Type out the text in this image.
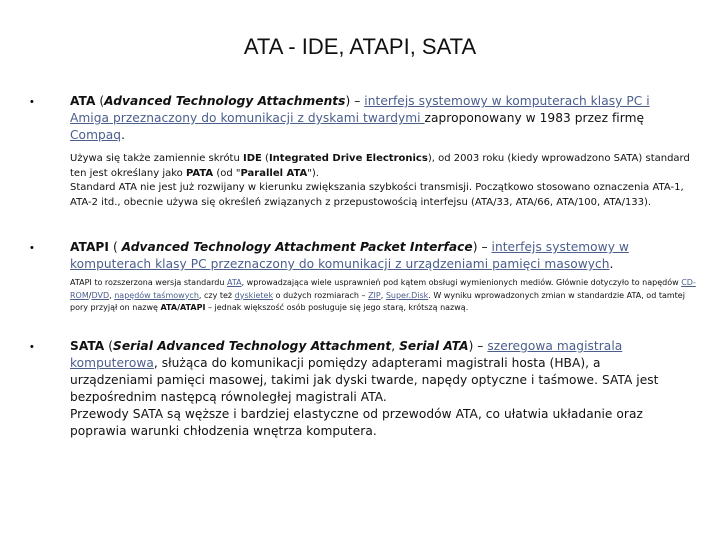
ATA - IDE, ATAPI, SATA
•	ATA (Advanced Technology Attachments) – interfejs systemowy w komputerach klasy PC i Amiga przeznaczony do komunikacji z dyskami twardymi zaproponowany w 1983 przez firmę Compaq.
Używa się także zamiennie skrótu IDE (Integrated Drive Electronics), od 2003 roku (kiedy wprowadzono SATA) standard ten jest określany jako PATA (od "Parallel ATA").
Standard ATA nie jest już rozwijany w kierunku zwiększania szybkości transmisji. Początkowo stosowano oznaczenia ATA-1, ATA-2 itd., obecnie używa się określeń związanych z przepustowością interfejsu (ATA/33, ATA/66, ATA/100, ATA/133).
•	ATAPI ( Advanced Technology Attachment Packet Interface) – interfejs systemowy w komputerach klasy PC przeznaczony do komunikacji z urządzeniami pamięci masowych.
ATAPI to rozszerzona wersja standardu ATA, wprowadzająca wiele usprawnień pod kątem obsługi wymienionych mediów. Głównie dotyczyło to napędów CD-ROM/DVD, napędów taśmowych, czy też dyskietek o dużych rozmiarach – ZIP, Super.Disk. W wyniku wprowadzonych zmian w standardzie ATA, od tamtej pory przyjął on nazwę ATA/ATAPI – jednak większość osób posługuje się jego starą, krótszą nazwą.
•	SATA (Serial Advanced Technology Attachment, Serial ATA) – szeregowa magistrala komputerowa, służąca do komunikacji pomiędzy adapterami magistrali hosta (HBA), a urządzeniami pamięci masowej, takimi jak dyski twarde, napędy optyczne i taśmowe. SATA jest bezpośrednim następcą równoległej magistrali ATA.
Przewody SATA są węższe i bardziej elastyczne od przewodów ATA, co ułatwia układanie oraz poprawia warunki chłodzenia wnętrza komputera.
